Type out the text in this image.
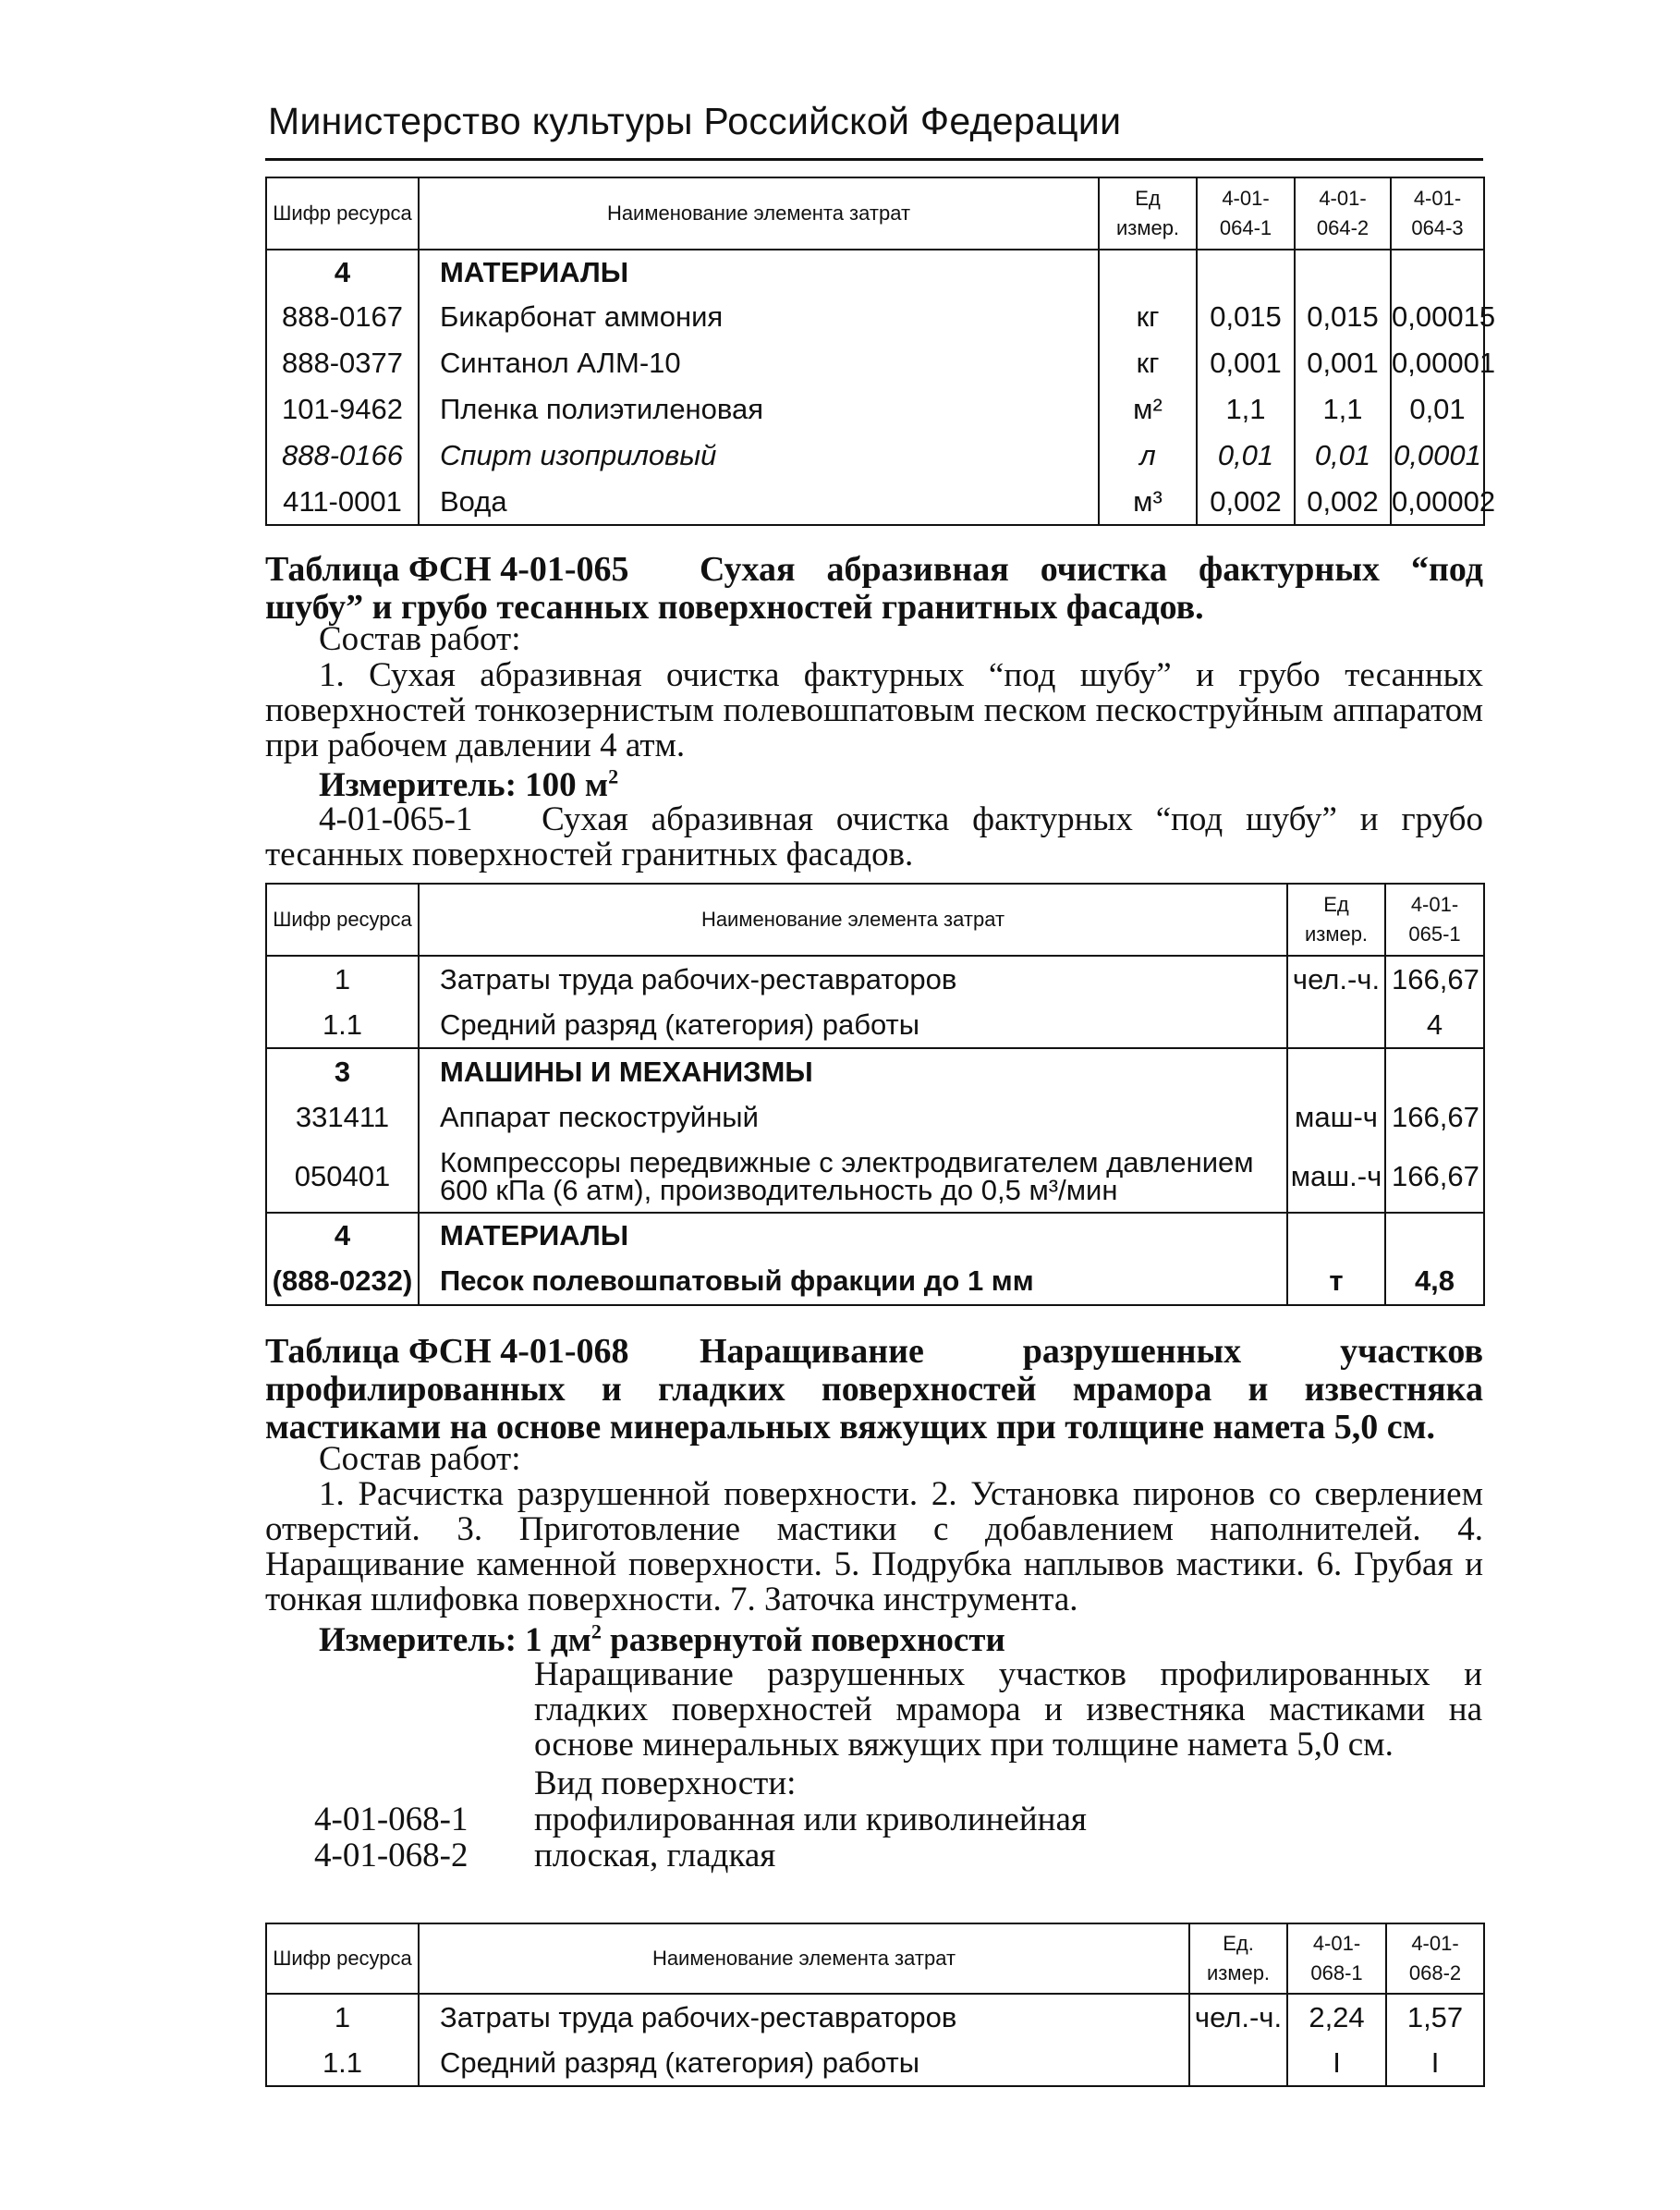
Министерство культуры Российской Федерации
Шифр ресурса	Наименование элемента затрат	Ед измер.	4-01-064-1	4-01-064-2	4-01-064-3
4	МАТЕРИАЛЫ				
888-0167	Бикарбонат аммония	кг	0,015	0,015	0,00015
888-0377	Синтанол АЛМ-10	кг	0,001	0,001	0,00001
101-9462	Пленка полиэтиленовая	м²	1,1	1,1	0,01
888-0166	Спирт изоприловый	л	0,01	0,01	0,0001
411-0001	Вода	м³	0,002	0,002	0,00002
Таблица ФСН 4-01-065 Сухая абразивная очистка фактурных “под шубу” и грубо тесанных поверхностей гранитных фасадов.
Состав работ:
1. Сухая абразивная очистка фактурных “под шубу” и грубо тесанных поверхностей тонкозернистым полевошпатовым песком пескоструйным аппаратом при рабочем давлении 4 атм.
Измеритель: 100 $м^2$
4-01-065-1 Сухая абразивная очистка фактурных “под шубу” и грубо тесанных поверхностей гранитных фасадов.
Шифр ресурса	Наименование элемента затрат	Ед измер.	4-01-065-1
1	Затраты труда рабочих-реставраторов	чел.-ч.	166,67
1.1	Средний разряд (категория) работы		4
3	МАШИНЫ И МЕХАНИЗМЫ		
331411	Аппарат пескоструйный	маш-ч	166,67
050401	Компрессоры передвижные с электродвигателем давлением 600 кПа (6 атм), производительность до 0,5 м³/мин	маш.-ч	166,67
4	МАТЕРИАЛЫ		
(888-0232)	Песок полевошпатовый фракции до 1 мм	т	4,8
Таблица ФСН 4-01-068 Наращивание разрушенных участков профилированных и гладких поверхностей мрамора и известняка мастиками на основе минеральных вяжущих при толщине намета 5,0 см.
Состав работ:
1. Расчистка разрушенной поверхности. 2. Установка пиронов со сверлением отверстий. 3. Приготовление мастики с добавлением наполнителей. 4. Наращивание каменной поверхности. 5. Подрубка наплывов мастики. 6. Грубая и тонкая шлифовка поверхности. 7. Заточка инструмента.
Измеритель: 1 $дм^2$ развернутой поверхности
Наращивание разрушенных участков профилированных и гладких поверхностей мрамора и известняка мастиками на основе минеральных вяжущих при толщине намета 5,0 см.
Вид поверхности:
4-01-068-1 профилированная или криволинейная
4-01-068-2 плоская, гладкая
Шифр ресурса	Наименование элемента затрат	Ед. измер.	4-01-068-1	4-01-068-2
1	Затраты труда рабочих-реставраторов	чел.-ч.	2,24	1,57
1.1	Средний разряд (категория) работы		I	I
